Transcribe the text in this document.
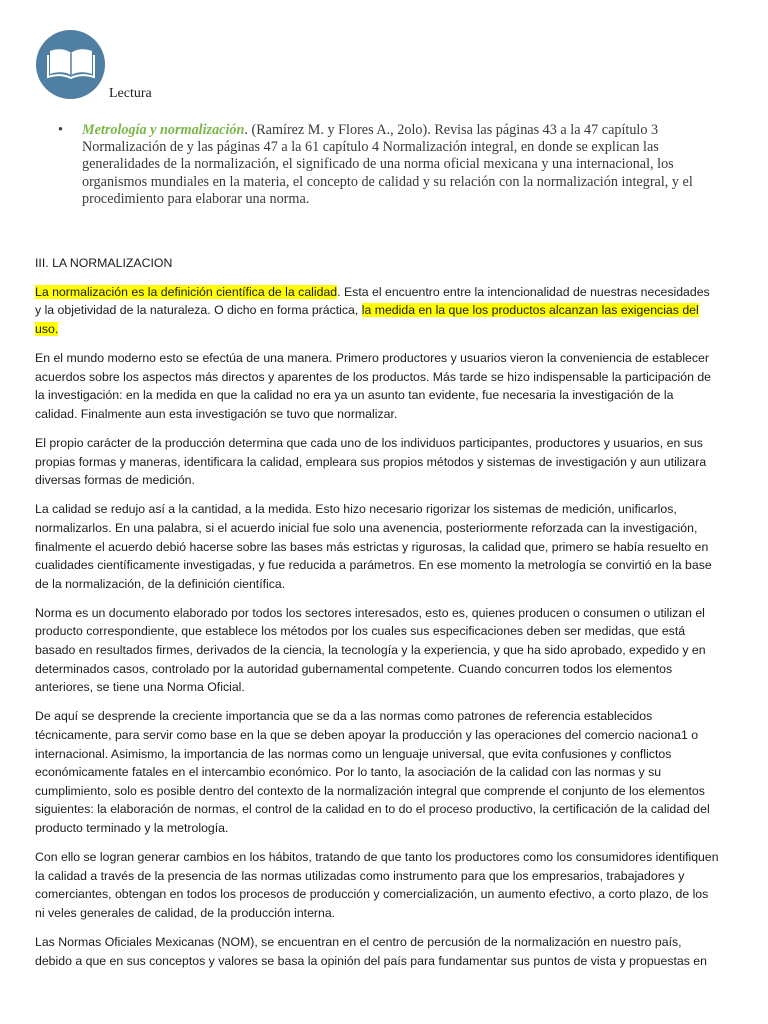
Lectura
• Metrología y normalización. (Ramírez M. y Flores A., 2olo). Revisa las páginas 43 a la 47 capítulo 3 Normalización de y las páginas 47 a la 61 capítulo 4 Normalización integral, en donde se explican las generalidades de la normalización, el significado de una norma oficial mexicana y una internacional, los organismos mundiales en la materia, el concepto de calidad y su relación con la normalización integral, y el procedimiento para elaborar una norma.

III. LA NORMALIZACION

La normalización es la definición científica de la calidad. Esta el encuentro entre la intencionalidad de nuestras necesidades y la objetividad de la naturaleza. O dicho en forma práctica, la medida en la que los productos alcanzan las exigencias del uso.

En el mundo moderno esto se efectúa de una manera. Primero productores y usuarios vieron la conveniencia de establecer acuerdos sobre los aspectos más directos y aparentes de los productos. Más tarde se hizo indispensable la participación de la investigación: en la medida en que la calidad no era ya un asunto tan evidente, fue necesaria la investigación de la calidad. Finalmente aun esta investigación se tuvo que normalizar.

El propio carácter de la producción determina que cada uno de los individuos participantes, productores y usuarios, en sus propias formas y maneras, identificara la calidad, empleara sus propios métodos y sistemas de investigación y aun utilizara diversas formas de medición.

La calidad se redujo así a la cantidad, a la medida. Esto hizo necesario rigorizar los sistemas de medición, unificarlos, normalizarlos. En una palabra, si el acuerdo inicial fue solo una avenencia, posteriormente reforzada can la investigación, finalmente el acuerdo debió hacerse sobre las bases más estrictas y rigurosas, la calidad que, primero se había resuelto en cualidades científicamente investigadas, y fue reducida a parámetros. En ese momento la metrología se convirtió en la base de la normalización, de la definición científica.

Norma es un documento elaborado por todos los sectores interesados, esto es, quienes producen o consumen o utilizan el producto correspondiente, que establece los métodos por los cuales sus especificaciones deben ser medidas, que está basado en resultados firmes, derivados de la ciencia, la tecnología y la experiencia, y que ha sido aprobado, expedido y en determinados casos, controlado por la autoridad gubernamental competente. Cuando concurren todos los elementos anteriores, se tiene una Norma Oficial.

De aquí se desprende la creciente importancia que se da a las normas como patrones de referencia establecidos técnicamente, para servir como base en la que se deben apoyar la producción y las operaciones del comercio naciona1 o internacional. Asimismo, la importancia de las normas como un lenguaje universal, que evita confusiones y conflictos económicamente fatales en el intercambio económico. Por lo tanto, la asociación de la calidad con las normas y su cumplimiento, solo es posible dentro del contexto de la normalización integral que comprende el conjunto de los elementos siguientes: la elaboración de normas, el control de la calidad en to do el proceso productivo, la certificación de la calidad del producto terminado y la metrología.

Con ello se logran generar cambios en los hábitos, tratando de que tanto los productores como los consumidores identifiquen la calidad a través de la presencia de las normas utilizadas como instrumento para que los empresarios, trabajadores y comerciantes, obtengan en todos los procesos de producción y comercialización, un aumento efectivo, a corto plazo, de los ni veles generales de calidad, de la producción interna.

Las Normas Oficiales Mexicanas (NOM), se encuentran en el centro de percusión de la normalización en nuestro país, debido a que en sus conceptos y valores se basa la opinión del país para fundamentar sus puntos de vista y propuestas en
